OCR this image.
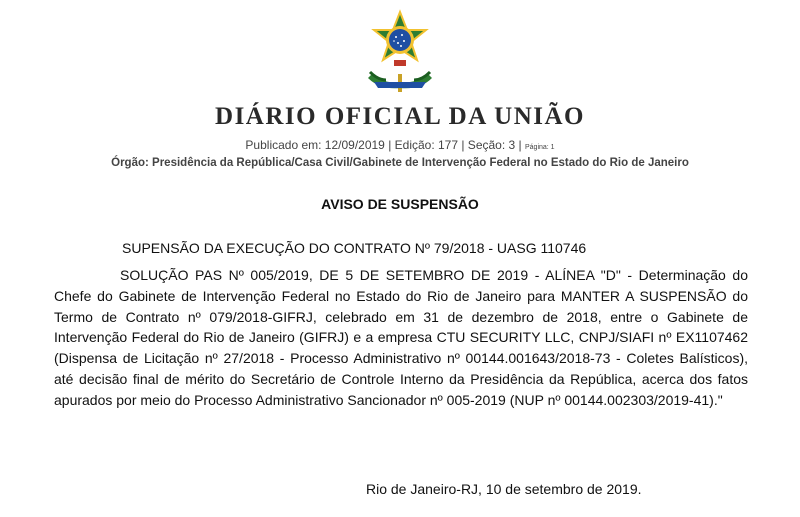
DIÁRIO OFICIAL DA UNIÃO
Publicado em: 12/09/2019 | Edição: 177 | Seção: 3 | Página: 1
Órgão: Presidência da República/Casa Civil/Gabinete de Intervenção Federal no Estado do Rio de Janeiro
AVISO DE SUSPENSÃO
SUPENSÃO DA EXECUÇÃO DO CONTRATO Nº 79/2018 - UASG 110746
SOLUÇÃO PAS Nº 005/2019, DE 5 DE SETEMBRO DE 2019 - ALÍNEA "D" - Determinação do Chefe do Gabinete de Intervenção Federal no Estado do Rio de Janeiro para MANTER A SUSPENSÃO do Termo de Contrato nº 079/2018-GIFRJ, celebrado em 31 de dezembro de 2018, entre o Gabinete de Intervenção Federal do Rio de Janeiro (GIFRJ) e a empresa CTU SECURITY LLC, CNPJ/SIAFI nº EX1107462 (Dispensa de Licitação nº 27/2018 - Processo Administrativo nº 00144.001643/2018-73 - Coletes Balísticos), até decisão final de mérito do Secretário de Controle Interno da Presidência da República, acerca dos fatos apurados por meio do Processo Administrativo Sancionador nº 005-2019 (NUP nº 00144.002303/2019-41)."
Rio de Janeiro-RJ, 10 de setembro de 2019.
